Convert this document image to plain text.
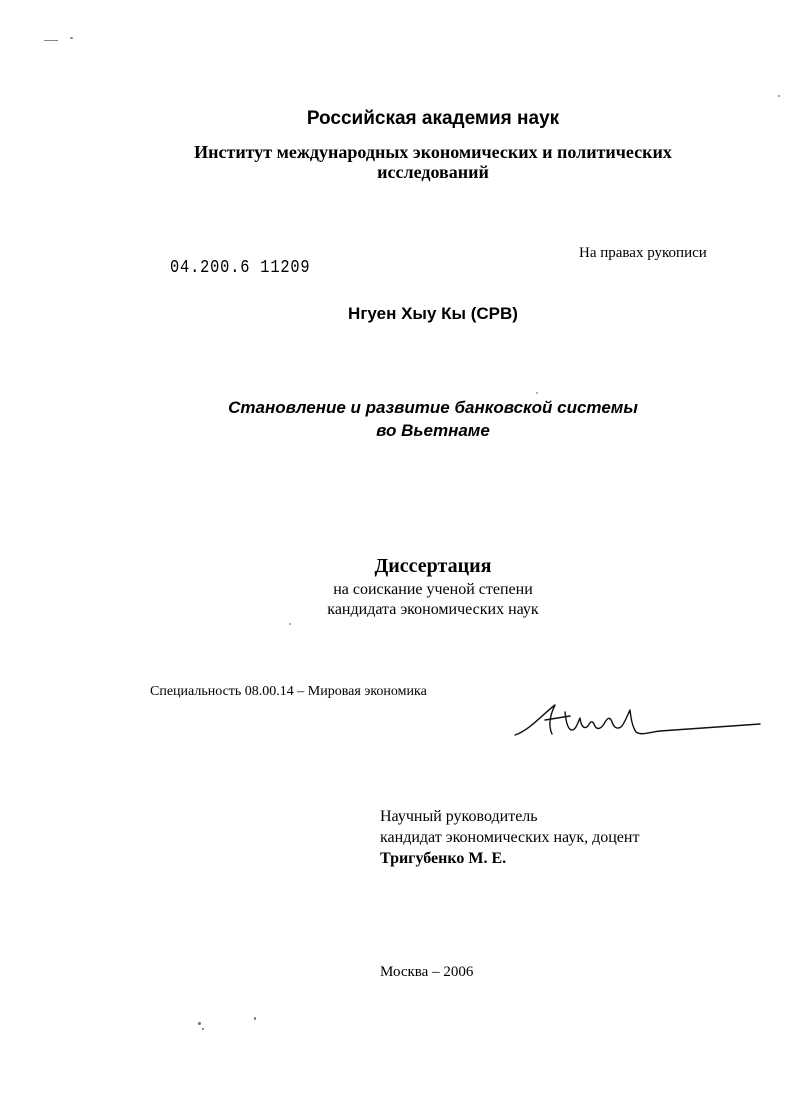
Российская академия наук
Институт международных экономических и политических
исследований
На правах рукописи
04.200.6 11209
Нгуен Хыу Кы (СРВ)
Становление и развитие банковской системы
во Вьетнаме
Диссертация
на соискание ученой степени
кандидата экономических наук
Специальность 08.00.14 – Мировая экономика
Научный руководитель
кандидат экономических наук, доцент
Тригубенко М. Е.
Москва – 2006
